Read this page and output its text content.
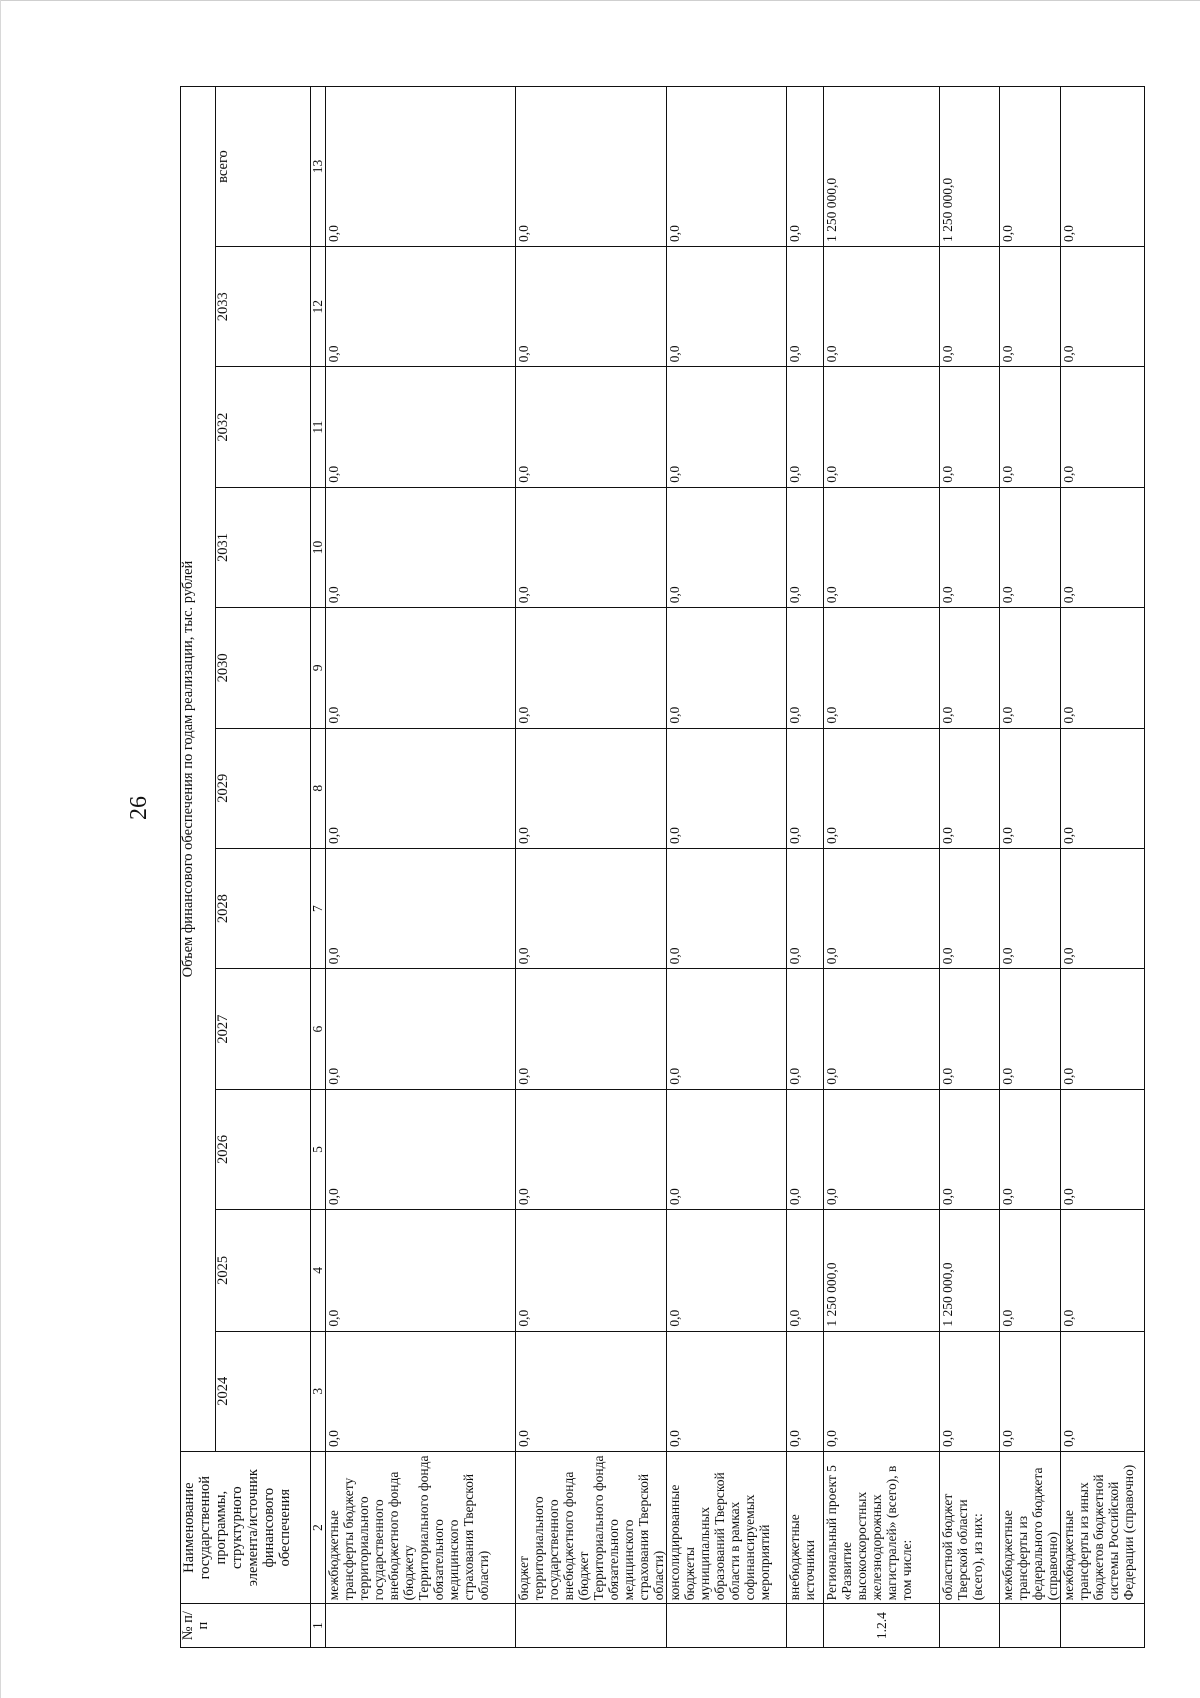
26
№ п/п	Наименование государственной программы, структурного элемента/источник финансового обеспечения	Объем финансового обеспечения по годам реализации, тыс. рублей										
		2024	2025	2026	2027	2028	2029	2030	2031	2032	2033	всего
1	2	3	4	5	6	7	8	9	10	11	12	13
	межбюджетные трансферты бюджету территориального государственного внебюджетного фонда (бюджету Территориального фонда обязательного медицинского страхования Тверской области)	0,0	0,0	0,0	0,0	0,0	0,0	0,0	0,0	0,0	0,0	0,0
	бюджет территориального государственного внебюджетного фонда (бюджет Территориального фонда обязательного медицинского страхования Тверской области)	0,0	0,0	0,0	0,0	0,0	0,0	0,0	0,0	0,0	0,0	0,0
	консолидированные бюджеты муниципальных образований Тверской области в рамках софинансируемых мероприятий	0,0	0,0	0,0	0,0	0,0	0,0	0,0	0,0	0,0	0,0	0,0
	внебюджетные источники	0,0	0,0	0,0	0,0	0,0	0,0	0,0	0,0	0,0	0,0	0,0
1.2.4	Региональный проект 5 «Развитие высокоскоростных железнодорожных магистралей» (всего), в том числе:	0,0	1 250 000,0	0,0	0,0	0,0	0,0	0,0	0,0	0,0	0,0	1 250 000,0
	областной бюджет Тверской области (всего), из них:	0,0	1 250 000,0	0,0	0,0	0,0	0,0	0,0	0,0	0,0	0,0	1 250 000,0
	межбюджетные трансферты из федерального бюджета (справочно)	0,0	0,0	0,0	0,0	0,0	0,0	0,0	0,0	0,0	0,0	0,0
	межбюджетные трансферты из иных бюджетов бюджетной системы Российской Федерации (справочно)	0,0	0,0	0,0	0,0	0,0	0,0	0,0	0,0	0,0	0,0	0,0
